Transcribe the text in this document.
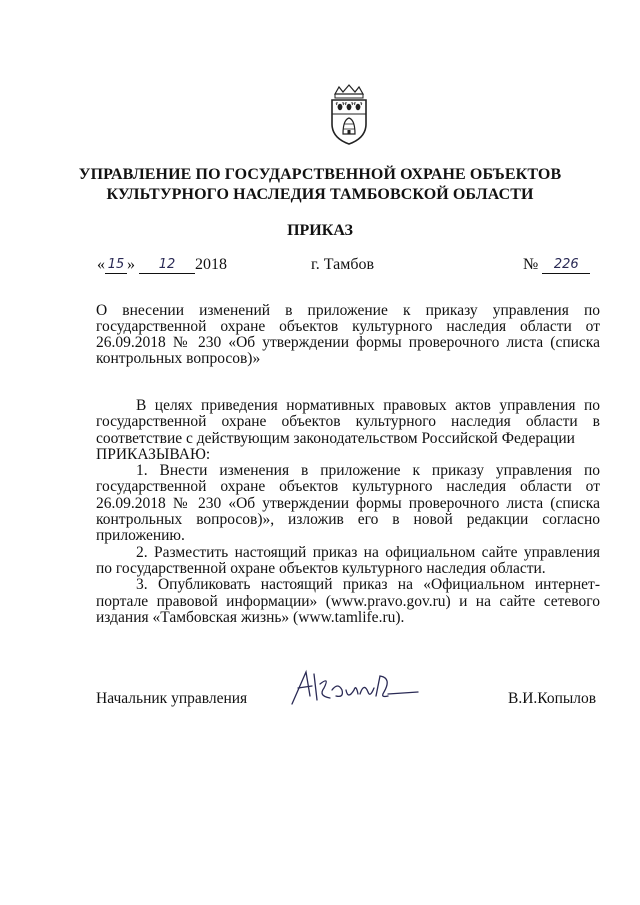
УПРАВЛЕНИЕ ПО ГОСУДАРСТВЕННОЙ ОХРАНЕ ОБЪЕКТОВ КУЛЬТУРНОГО НАСЛЕДИЯ ТАМБОВСКОЙ ОБЛАСТИ
ПРИКАЗ
« 15 » 12 2018	г. Тамбов	№ 226
О внесении изменений в приложение к приказу управления по государственной охране объектов культурного наследия области от 26.09.2018 № 230 «Об утверждении формы проверочного листа (списка контрольных вопросов)»

В целях приведения нормативных правовых актов управления по государственной охране объектов культурного наследия области в соответствие с действующим законодательством Российской Федерации

ПРИКАЗЫВАЮ:

1. Внести изменения в приложение к приказу управления по государственной охране объектов культурного наследия области от 26.09.2018 № 230 «Об утверждении формы проверочного листа (списка контрольных вопросов)», изложив его в новой редакции согласно приложению.

2. Разместить настоящий приказ на официальном сайте управления по государственной охране объектов культурного наследия области.

3. Опубликовать настоящий приказ на «Официальном интернет-портале правовой информации» (www.pravo.gov.ru) и на сайте сетевого издания «Тамбовская жизнь» (www.tamlife.ru).

Начальник управления	В.И.Копылов
